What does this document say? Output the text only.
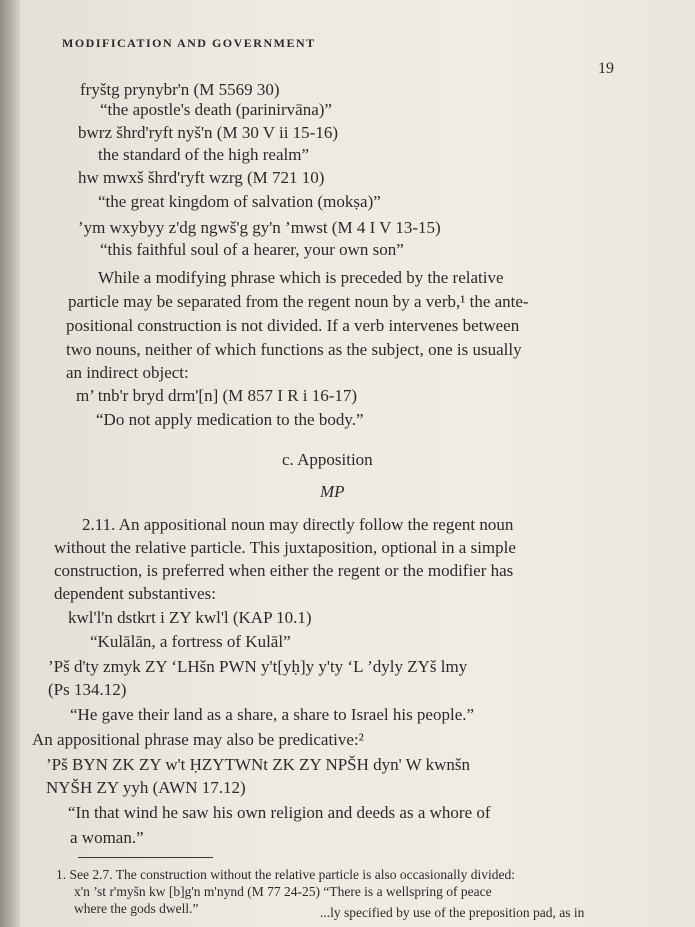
MODIFICATION AND GOVERNMENT
19
fryštg prynybr'n (M 5569 30)
“the apostle's death (parinirvāna)”
bwrz šhrd'ryft nyš'n (M 30 V ii 15-16)
the standard of the high realm”
hw mwxš šhrd'ryft wzrg (M 721 10)
“the great kingdom of salvation (mokṣa)”
’ym wxybyy z'dg ngwš'g gy'n ’mwst (M 4 I V 13-15)
“this faithful soul of a hearer, your own son”
While a modifying phrase which is preceded by the relative
particle may be separated from the regent noun by a verb,¹ the ante-
positional construction is not divided. If a verb intervenes between
two nouns, neither of which functions as the subject, one is usually
an indirect object:
m’ tnb'r bryd drm'[n] (M 857 I R i 16-17)
“Do not apply medication to the body.”
c. Apposition
MP
2.11. An appositional noun may directly follow the regent noun
without the relative particle. This juxtaposition, optional in a simple
construction, is preferred when either the regent or the modifier has
dependent substantives:
kwl'l'n dstkrt i ZY kwl'l (KAP 10.1)
“Kulālān, a fortress of Kulāl”
’Pš d'ty zmyk ZY ‘LHšn PWN y't[yḥ]y y'ty ‘L ’dyly ZYš lmy
(Ps 134.12)
“He gave their land as a share, a share to Israel his people.”
An appositional phrase may also be predicative:²
’Pš BYN ZK ZY w't ḤZYTWNt ZK ZY NPŠH dyn' W kwnšn
NYŠH ZY yyh (AWN 17.12)
“In that wind he saw his own religion and deeds as a whore of
a woman.”
1. See 2.7. The construction without the relative particle is also occasionally divided:
x'n ’st r'myšn kw [b]g'n m'nynd (M 77 24-25) “There is a wellspring of peace
where the gods dwell.”	...ly specified by use of the preposition pad, as in
